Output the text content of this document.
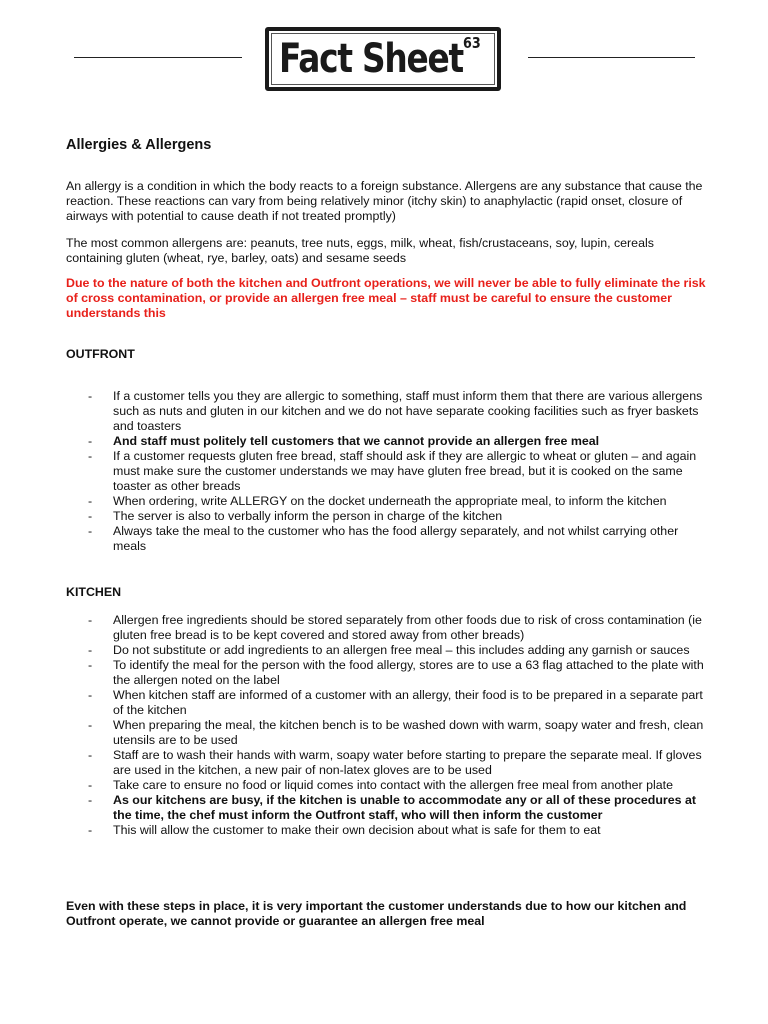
Fact Sheet 63
Allergies & Allergens

An allergy is a condition in which the body reacts to a foreign substance. Allergens are any substance that cause the reaction. These reactions can vary from being relatively minor (itchy skin) to anaphylactic (rapid onset, closure of airways with potential to cause death if not treated promptly)

The most common allergens are: peanuts, tree nuts, eggs, milk, wheat, fish/crustaceans, soy, lupin, cereals containing gluten (wheat, rye, barley, oats) and sesame seeds

Due to the nature of both the kitchen and Outfront operations, we will never be able to fully eliminate the risk of cross contamination, or provide an allergen free meal – staff must be careful to ensure the customer understands this

OUTFRONT
- If a customer tells you they are allergic to something, staff must inform them that there are various allergens such as nuts and gluten in our kitchen and we do not have separate cooking facilities such as fryer baskets and toasters
- And staff must politely tell customers that we cannot provide an allergen free meal
- If a customer requests gluten free bread, staff should ask if they are allergic to wheat or gluten – and again must make sure the customer understands we may have gluten free bread, but it is cooked on the same toaster as other breads
- When ordering, write ALLERGY on the docket underneath the appropriate meal, to inform the kitchen
- The server is also to verbally inform the person in charge of the kitchen
- Always take the meal to the customer who has the food allergy separately, and not whilst carrying other meals
KITCHEN
- Allergen free ingredients should be stored separately from other foods due to risk of cross contamination (ie gluten free bread is to be kept covered and stored away from other breads)
- Do not substitute or add ingredients to an allergen free meal – this includes adding any garnish or sauces
- To identify the meal for the person with the food allergy, stores are to use a 63 flag attached to the plate with the allergen noted on the label
- When kitchen staff are informed of a customer with an allergy, their food is to be prepared in a separate part of the kitchen
- When preparing the meal, the kitchen bench is to be washed down with warm, soapy water and fresh, clean utensils are to be used
- Staff are to wash their hands with warm, soapy water before starting to prepare the separate meal. If gloves are used in the kitchen, a new pair of non-latex gloves are to be used
- Take care to ensure no food or liquid comes into contact with the allergen free meal from another plate
- As our kitchens are busy, if the kitchen is unable to accommodate any or all of these procedures at the time, the chef must inform the Outfront staff, who will then inform the customer
- This will allow the customer to make their own decision about what is safe for them to eat

Even with these steps in place, it is very important the customer understands due to how our kitchen and Outfront operate, we cannot provide or guarantee an allergen free meal
